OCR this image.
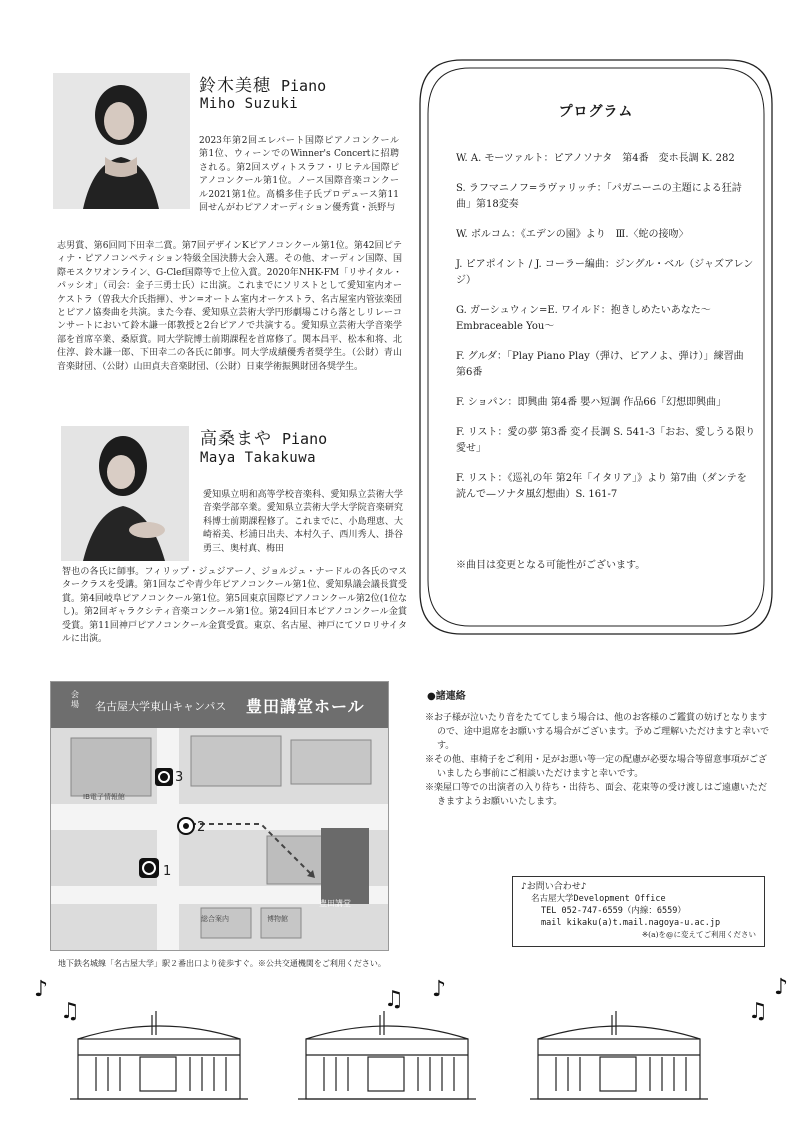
鈴木美穂 Piano
Miho Suzuki
2023年第2回エレバート国際ピアノコンクール 第1位、ウィーンでのWinner's Concertに招聘される。第2回スヴィトスラフ・リヒテル国際ピアノコンクール第1位。ノース国際音楽コンクール2021第1位。高橋多佳子氏プロデュース第11回せんがわピアノオーディション優秀賞・浜野与
志男賞、第6回同下田幸二賞。第7回デザインKピアノコンクール第1位。第42回ピティナ・ピアノコンペティション特級全国決勝大会入選。その他、オーディン国際、国際モスクワオンライン、G-Clef国際等で上位入賞。2020年NHK-FM「リサイタル・パッシオ」（司会：金子三勇士氏）に出演。これまでにソリストとして愛知室内オーケストラ（曽我大介氏指揮）、サン=オートム室内オーケストラ、名古屋室内管弦楽団とピアノ協奏曲を共演。また今春、愛知県立芸術大学円形劇場こけら落としリレーコンサートにおいて鈴木謙一郎教授と2台ピアノで共演する。愛知県立芸術大学音楽学部を首席卒業、桑原賞。同大学院博士前期課程を首席修了。関本昌平、松本和将、北住淳、鈴木謙一郎、下田幸二の各氏に師事。同大学成績優秀者奨学生。（公財）青山音楽財団、（公財）山田貞夫音楽財団、（公財）日東学術振興財団各奨学生。
高桑まや Piano
Maya Takakuwa
愛知県立明和高等学校音楽科、愛知県立芸術大学音楽学部卒業。愛知県立芸術大学大学院音楽研究科博士前期課程修了。これまでに、小島理恵、大崎裕美、杉浦日出夫、本村久子、西川秀人、掛谷勇三、奥村真、梅田
智也の各氏に師事。フィリップ・ジュジアーノ、ジョルジュ・ナードルの各氏のマスタークラスを受講。第1回なごや青少年ピアノコンクール第1位、愛知県議会議長賞受賞。第4回岐阜ピアノコンクール第1位。第5回東京国際ピアノコンクール第2位(1位なし)。第2回ギャラクシティ音楽コンクール第1位。第24回日本ピアノコンクール金賞受賞。第11回神戸ピアノコンクール金賞受賞。東京、名古屋、神戸にてソロリサイタルに出演。
プログラム
W. A. モーツァルト：ピアノソナタ　第4番　変ホ長調 K. 282
S. ラフマニノフ=ラヴァリッチ：「パガニーニの主題による狂詩曲」第18変奏
W. ボルコム：《エデンの園》より　Ⅲ.〈蛇の接吻〉
J. ピアポイント / J. コーラー編曲：ジングル・ベル（ジャズアレンジ）
G. ガーシュウィン=E. ワイルド：抱きしめたいあなた〜Embraceable You〜
F. グルダ：「Play Piano Play（弾け、ピアノよ、弾け）」練習曲　第6番
F. ショパン：即興曲 第4番 嬰ハ短調 作品66「幻想即興曲」
F. リスト：愛の夢 第3番 変イ長調 S. 541-3「おお、愛しうる限り愛せ」
F. リスト：《巡礼の年 第2年「イタリア」》より 第7曲（ダンテを読んで—ソナタ風幻想曲）S. 161-7
※曲目は変更となる可能性がございます。
会場 名古屋大学東山キャンパス 豊田講堂ホール
IB電子情報館
総合案内	博物館
豊田講堂
3
2
1
地下鉄名城線「名古屋大学」駅２番出口より徒歩すぐ。※公共交通機関をご利用ください。
●諸連絡
※お子様が泣いたり音をたててしまう場合は、他のお客様のご鑑賞の妨げとなりますので、途中退席をお願いする場合がございます。予めご理解いただけますと幸いです。
※その他、車椅子をご利用・足がお悪い等一定の配慮が必要な場合等留意事項がございましたら事前にご相談いただけますと幸いです。
※楽屋口等での出演者の入り待ち・出待ち、面会、花束等の受け渡しはご遠慮いただきますようお願いいたします。
♪お問い合わせ♪
名古屋大学Development Office
TEL 052-747-6559（内線：6559）
mail kikaku(a)t.mail.nagoya-u.ac.jp
※(a)を@に変えてご利用ください
♪
♫	♫ ♪
♫
♪
